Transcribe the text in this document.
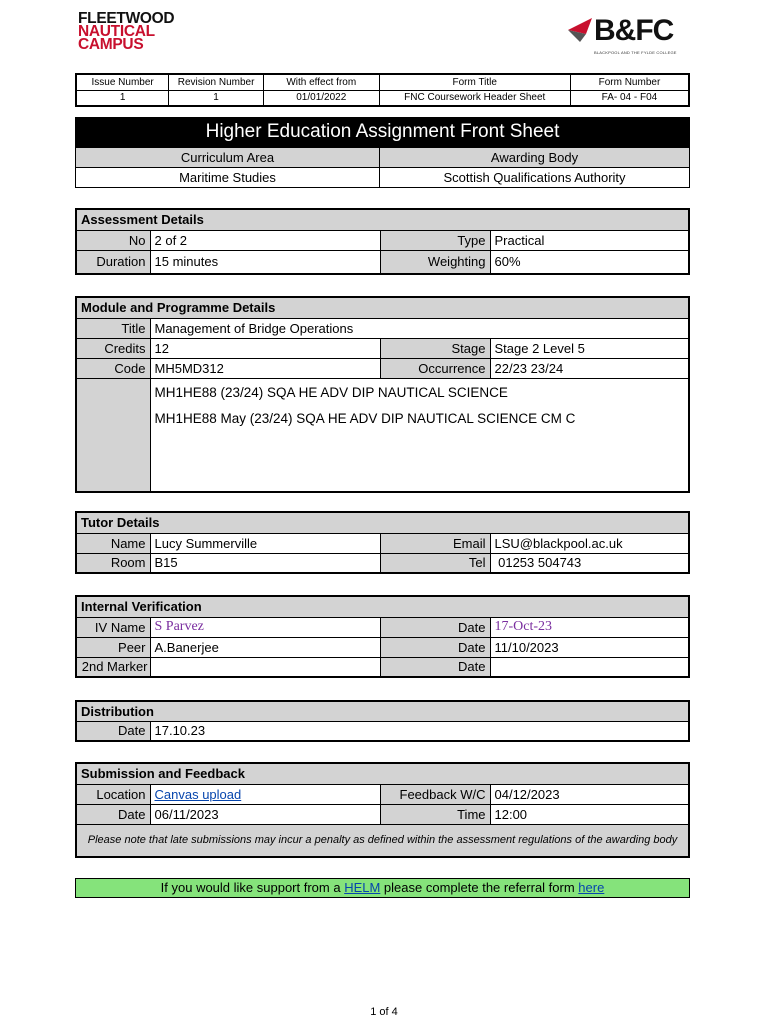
FLEETWOOD
NAUTICAL
CAMPUS	B&FC
BLACKPOOL AND THE FYLDE COLLEGE
Issue Number	Revision Number	With effect from	Form Title	Form Number
1	1	01/01/2022	FNC Coursework Header Sheet	FA- 04 - F04
Higher Education Assignment Front Sheet
Curriculum Area	Awarding Body
Maritime Studies	Scottish Qualifications Authority
Assessment Details			
No	2 of 2	Type	Practical
Duration	15 minutes	Weighting	60%
Module and Programme Details			
Title	Management of Bridge Operations		
Credits	12	Stage	Stage 2 Level 5
Code	MH5MD312	Occurrence	22/23 23/24

	MH1HE88 (23/24) SQA HE ADV DIP NAUTICAL SCIENCE
MH1HE88 May (23/24) SQA HE ADV DIP NAUTICAL SCIENCE CM C		
Tutor Details			
Name	Lucy Summerville	Email	LSU@blackpool.ac.uk
Room	B15	Tel	01253 504743
Internal Verification			
IV Name	S Parvez	Date	17-Oct-23
Peer	A.Banerjee	Date	11/10/2023
2nd Marker		Date	
Distribution
Date	17.10.23
Submission and Feedback			
Location	Canvas upload	Feedback W/C	04/12/2023
Date	06/11/2023	Time	12:00
Please note that late submissions may incur a penalty as defined within the assessment regulations of the awarding body			
If you would like support from a HELM please complete the referral form here
1 of 4
